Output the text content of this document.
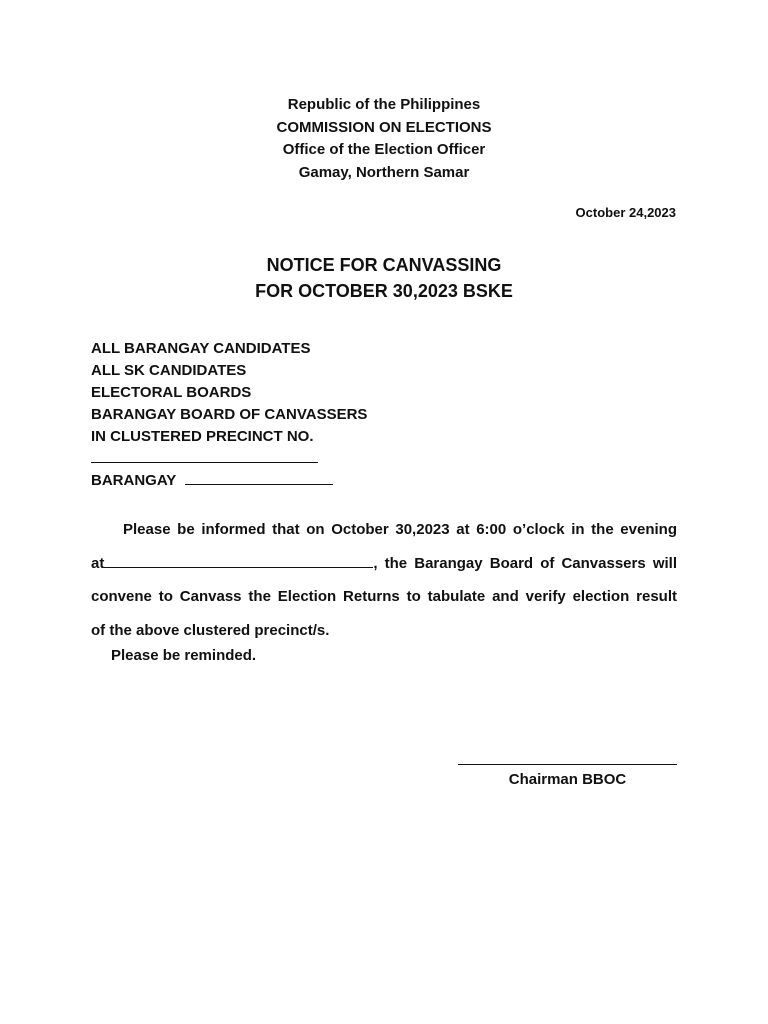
Republic of the Philippines
COMMISSION ON ELECTIONS
Office of the Election Officer
Gamay, Northern Samar
October 24,2023
NOTICE FOR CANVASSING
FOR OCTOBER 30,2023 BSKE
ALL BARANGAY CANDIDATES
ALL SK CANDIDATES
ELECTORAL BOARDS
BARANGAY BOARD OF CANVASSERS
IN CLUSTERED PRECINCT NO.
BARANGAY
Please be informed that on October 30,2023 at 6:00 o’clock in the evening
at	, the Barangay Board of Canvassers will
convene to Canvass the Election Returns to tabulate and verify election result
of the above clustered precinct/s.
Please be reminded.
Chairman BBOC
